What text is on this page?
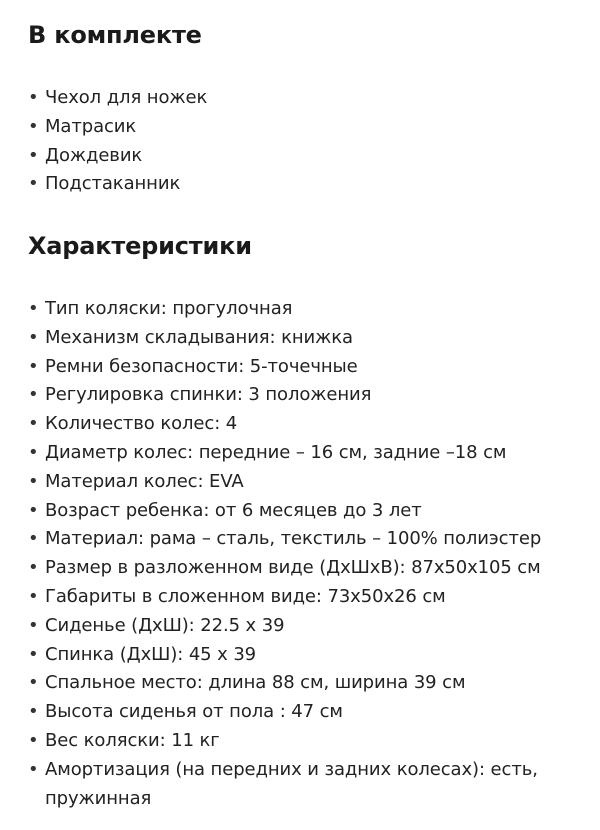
В комплекте
• Чехол для ножек
• Матрасик
• Дождевик
• Подстаканник
Характеристики
• Тип коляски: прогулочная
• Механизм складывания: книжка
• Ремни безопасности: 5-точечные
• Регулировка спинки: 3 положения
• Количество колес: 4
• Диаметр колес: передние – 16 см, задние –18 см
• Материал колес: EVA
• Возраст ребенка: от 6 месяцев до 3 лет
• Материал: рама – сталь, текстиль – 100% полиэстер
• Размер в разложенном виде (ДхШхВ): 87х50х105 см
• Габариты в сложенном виде: 73х50х26 см
• Сиденье (ДхШ): 22.5 х 39
• Спинка (ДхШ): 45 х 39
• Спальное место: длина 88 см, ширина 39 см
• Высота сиденья от пола : 47 см
• Вес коляски: 11 кг
• Амортизация (на передних и задних колесах): есть, пружинная
